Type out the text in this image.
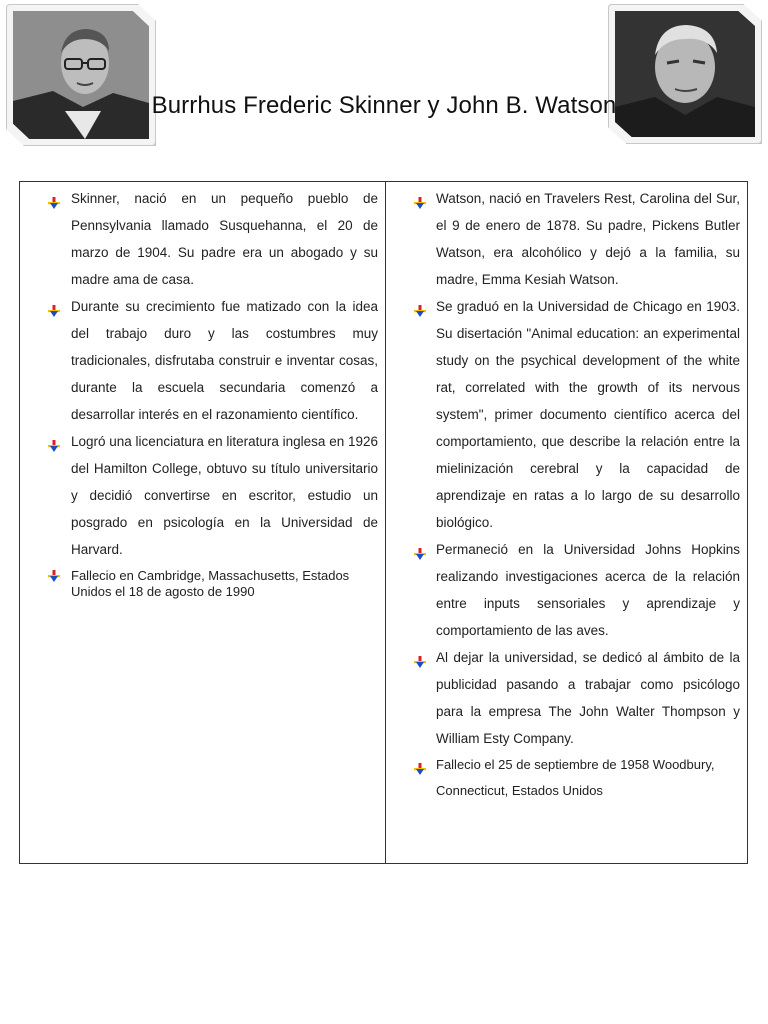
Burrhus Frederic Skinner y John B. Watson
Skinner, nació en un pequeño pueblo de Pennsylvania llamado Susquehanna, el 20 de marzo de 1904. Su padre era un abogado y su madre ama de casa.
Durante su crecimiento fue matizado con la idea del trabajo duro y las costumbres muy tradicionales, disfrutaba construir e inventar cosas, durante la escuela secundaria comenzó a desarrollar interés en el razonamiento científico.
Logró una licenciatura en literatura inglesa en 1926 del Hamilton College, obtuvo su título universitario y decidió convertirse en escritor, estudio un posgrado en psicología en la Universidad de Harvard.
Fallecio en Cambridge, Massachusetts, Estados Unidos el 18 de agosto de 1990
Watson, nació en Travelers Rest, Carolina del Sur, el 9 de enero de 1878. Su padre, Pickens Butler Watson, era alcohólico y dejó a la familia, su madre, Emma Kesiah Watson.
Se graduó en la Universidad de Chicago en 1903. Su disertación "Animal education: an experimental study on the psychical development of the white rat, correlated with the growth of its nervous system", primer documento científico acerca del comportamiento, que describe la relación entre la mielinización cerebral y la capacidad de aprendizaje en ratas a lo largo de su desarrollo biológico.
Permaneció en la Universidad Johns Hopkins realizando investigaciones acerca de la relación entre inputs sensoriales y aprendizaje y comportamiento de las aves.
Al dejar la universidad, se dedicó al ámbito de la publicidad pasando a trabajar como psicólogo para la empresa The John Walter Thompson y William Esty Company.
Fallecio el 25 de septiembre de 1958 Woodbury, Connecticut, Estados Unidos
